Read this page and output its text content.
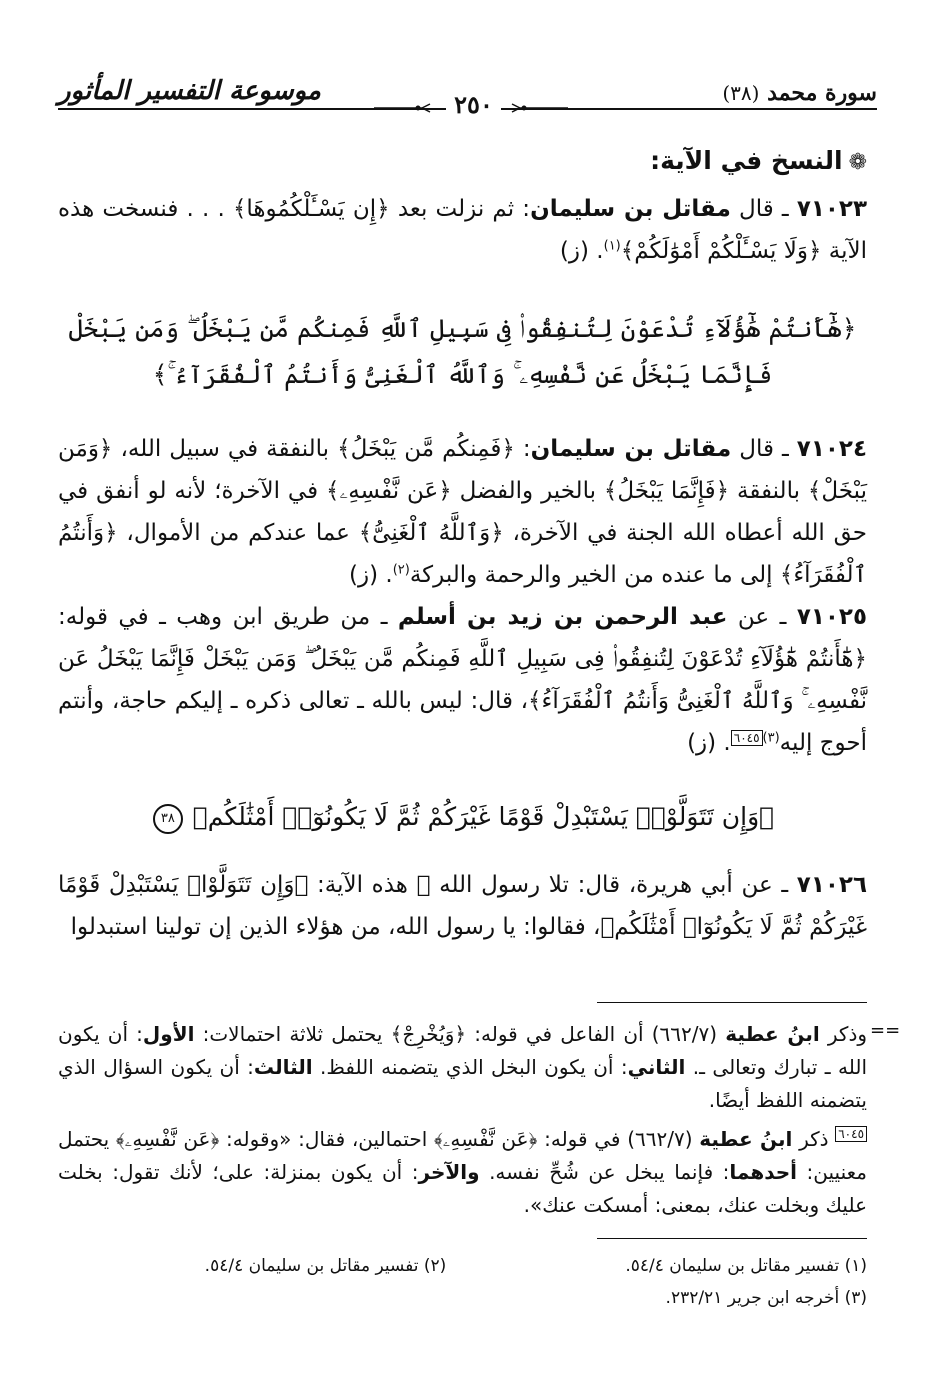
موسوعة التفسير المأثور	سورة محمد (٣٨)
٢٥٠
❁النسخ في الآية:

٧١٠٢٣ ـ قال مقاتل بن سليمان: ثم نزلت بعد ﴿إِن يَسْـَٔلْكُمُوهَا﴾ . . . فنسخت هذه الآية ﴿وَلَا يَسْـَٔلْكُمْ أَمْوَٰلَكُمْ﴾$^{(١)}$. (ز)

﴿هَٰٓأَنتُمْ هَٰٓؤُلَآءِ تُدْعَوْنَ لِتُنفِقُوا۟ فِى سَبِيلِ ٱللَّهِ فَمِنكُم مَّن يَبْخَلُ ۖ وَمَن يَبْخَلْ فَإِنَّمَا يَبْخَلُ عَن نَّفْسِهِۦ ۚ وَٱللَّهُ ٱلْغَنِىُّ وَأَنتُمُ ٱلْفُقَرَآءُ ۚ﴾

٧١٠٢٤ ـ قال مقاتل بن سليمان: ﴿فَمِنكُم مَّن يَبْخَلُ﴾ بالنفقة في سبيل الله، ﴿وَمَن يَبْخَلْ﴾ بالنفقة ﴿فَإِنَّمَا يَبْخَلُ﴾ بالخير والفضل ﴿عَن نَّفْسِهِۦ﴾ في الآخرة؛ لأنه لو أنفق في حق الله أعطاه الله الجنة في الآخرة، ﴿وَٱللَّهُ ٱلْغَنِىُّ﴾ عما عندكم من الأموال، ﴿وَأَنتُمُ ٱلْفُقَرَآءُ﴾ إلى ما عنده من الخير والرحمة والبركة$^{(٢)}$. (ز)

٧١٠٢٥ ـ عن عبد الرحمن بن زيد بن أسلم ـ من طريق ابن وهب ـ في قوله: ﴿هَٰٓأَنتُمْ هَٰٓؤُلَآءِ تُدْعَوْنَ لِتُنفِقُوا۟ فِى سَبِيلِ ٱللَّهِ فَمِنكُم مَّن يَبْخَلُ ۖ وَمَن يَبْخَلْ فَإِنَّمَا يَبْخَلُ عَن نَّفْسِهِۦ ۚ وَٱللَّهُ ٱلْغَنِىُّ وَأَنتُمُ ٱلْفُقَرَآءُ﴾، قال: ليس بالله ـ تعالى ذكره ـ إليكم حاجة، وأنتم أحوج إليه$^{(٣)}$٦٠٤٥. (ز)

﴿وَإِن تَتَوَلَّوْا۟ يَسْتَبْدِلْ قَوْمًا غَيْرَكُمْ ثُمَّ لَا يَكُونُوٓا۟ أَمْثَٰلَكُم﴾ ٣٨

٧١٠٢٦ ـ عن أبي هريرة، قال: تلا رسول الله ﷺ هذه الآية: ﴿وَإِن تَتَوَلَّوْا۟ يَسْتَبْدِلْ قَوْمًا غَيْرَكُمْ ثُمَّ لَا يَكُونُوٓا۟ أَمْثَٰلَكُم﴾، فقالوا: يا رسول الله، من هؤلاء الذين إن تولينا استبدلوا

==

وذكر ابنُ عطية (٦٦٢/٧) أن الفاعل في قوله: ﴿وَيُخْرِجْ﴾ يحتمل ثلاثة احتمالات: الأول: أن يكون الله ـ تبارك وتعالى ـ. الثاني: أن يكون البخل الذي يتضمنه اللفظ. الثالث: أن يكون السؤال الذي يتضمنه اللفظ أيضًا.

٦٠٤٥ ذكر ابنُ عطية (٦٦٢/٧) في قوله: ﴿عَن نَّفْسِهِۦ﴾ احتمالين، فقال: «وقوله: ﴿عَن نَّفْسِهِۦ﴾ يحتمل معنيين: أحدهما: فإنما يبخل عن شُحِّ نفسه. والآخر: أن يكون بمنزلة: على؛ لأنك تقول: بخلت عليك وبخلت عنك، بمعنى: أمسكت عنك».

(١) تفسير مقاتل بن سليمان ٥٤/٤.
(٢) تفسير مقاتل بن سليمان ٥٤/٤.
(٣) أخرجه ابن جرير ٢٣٢/٢١.
